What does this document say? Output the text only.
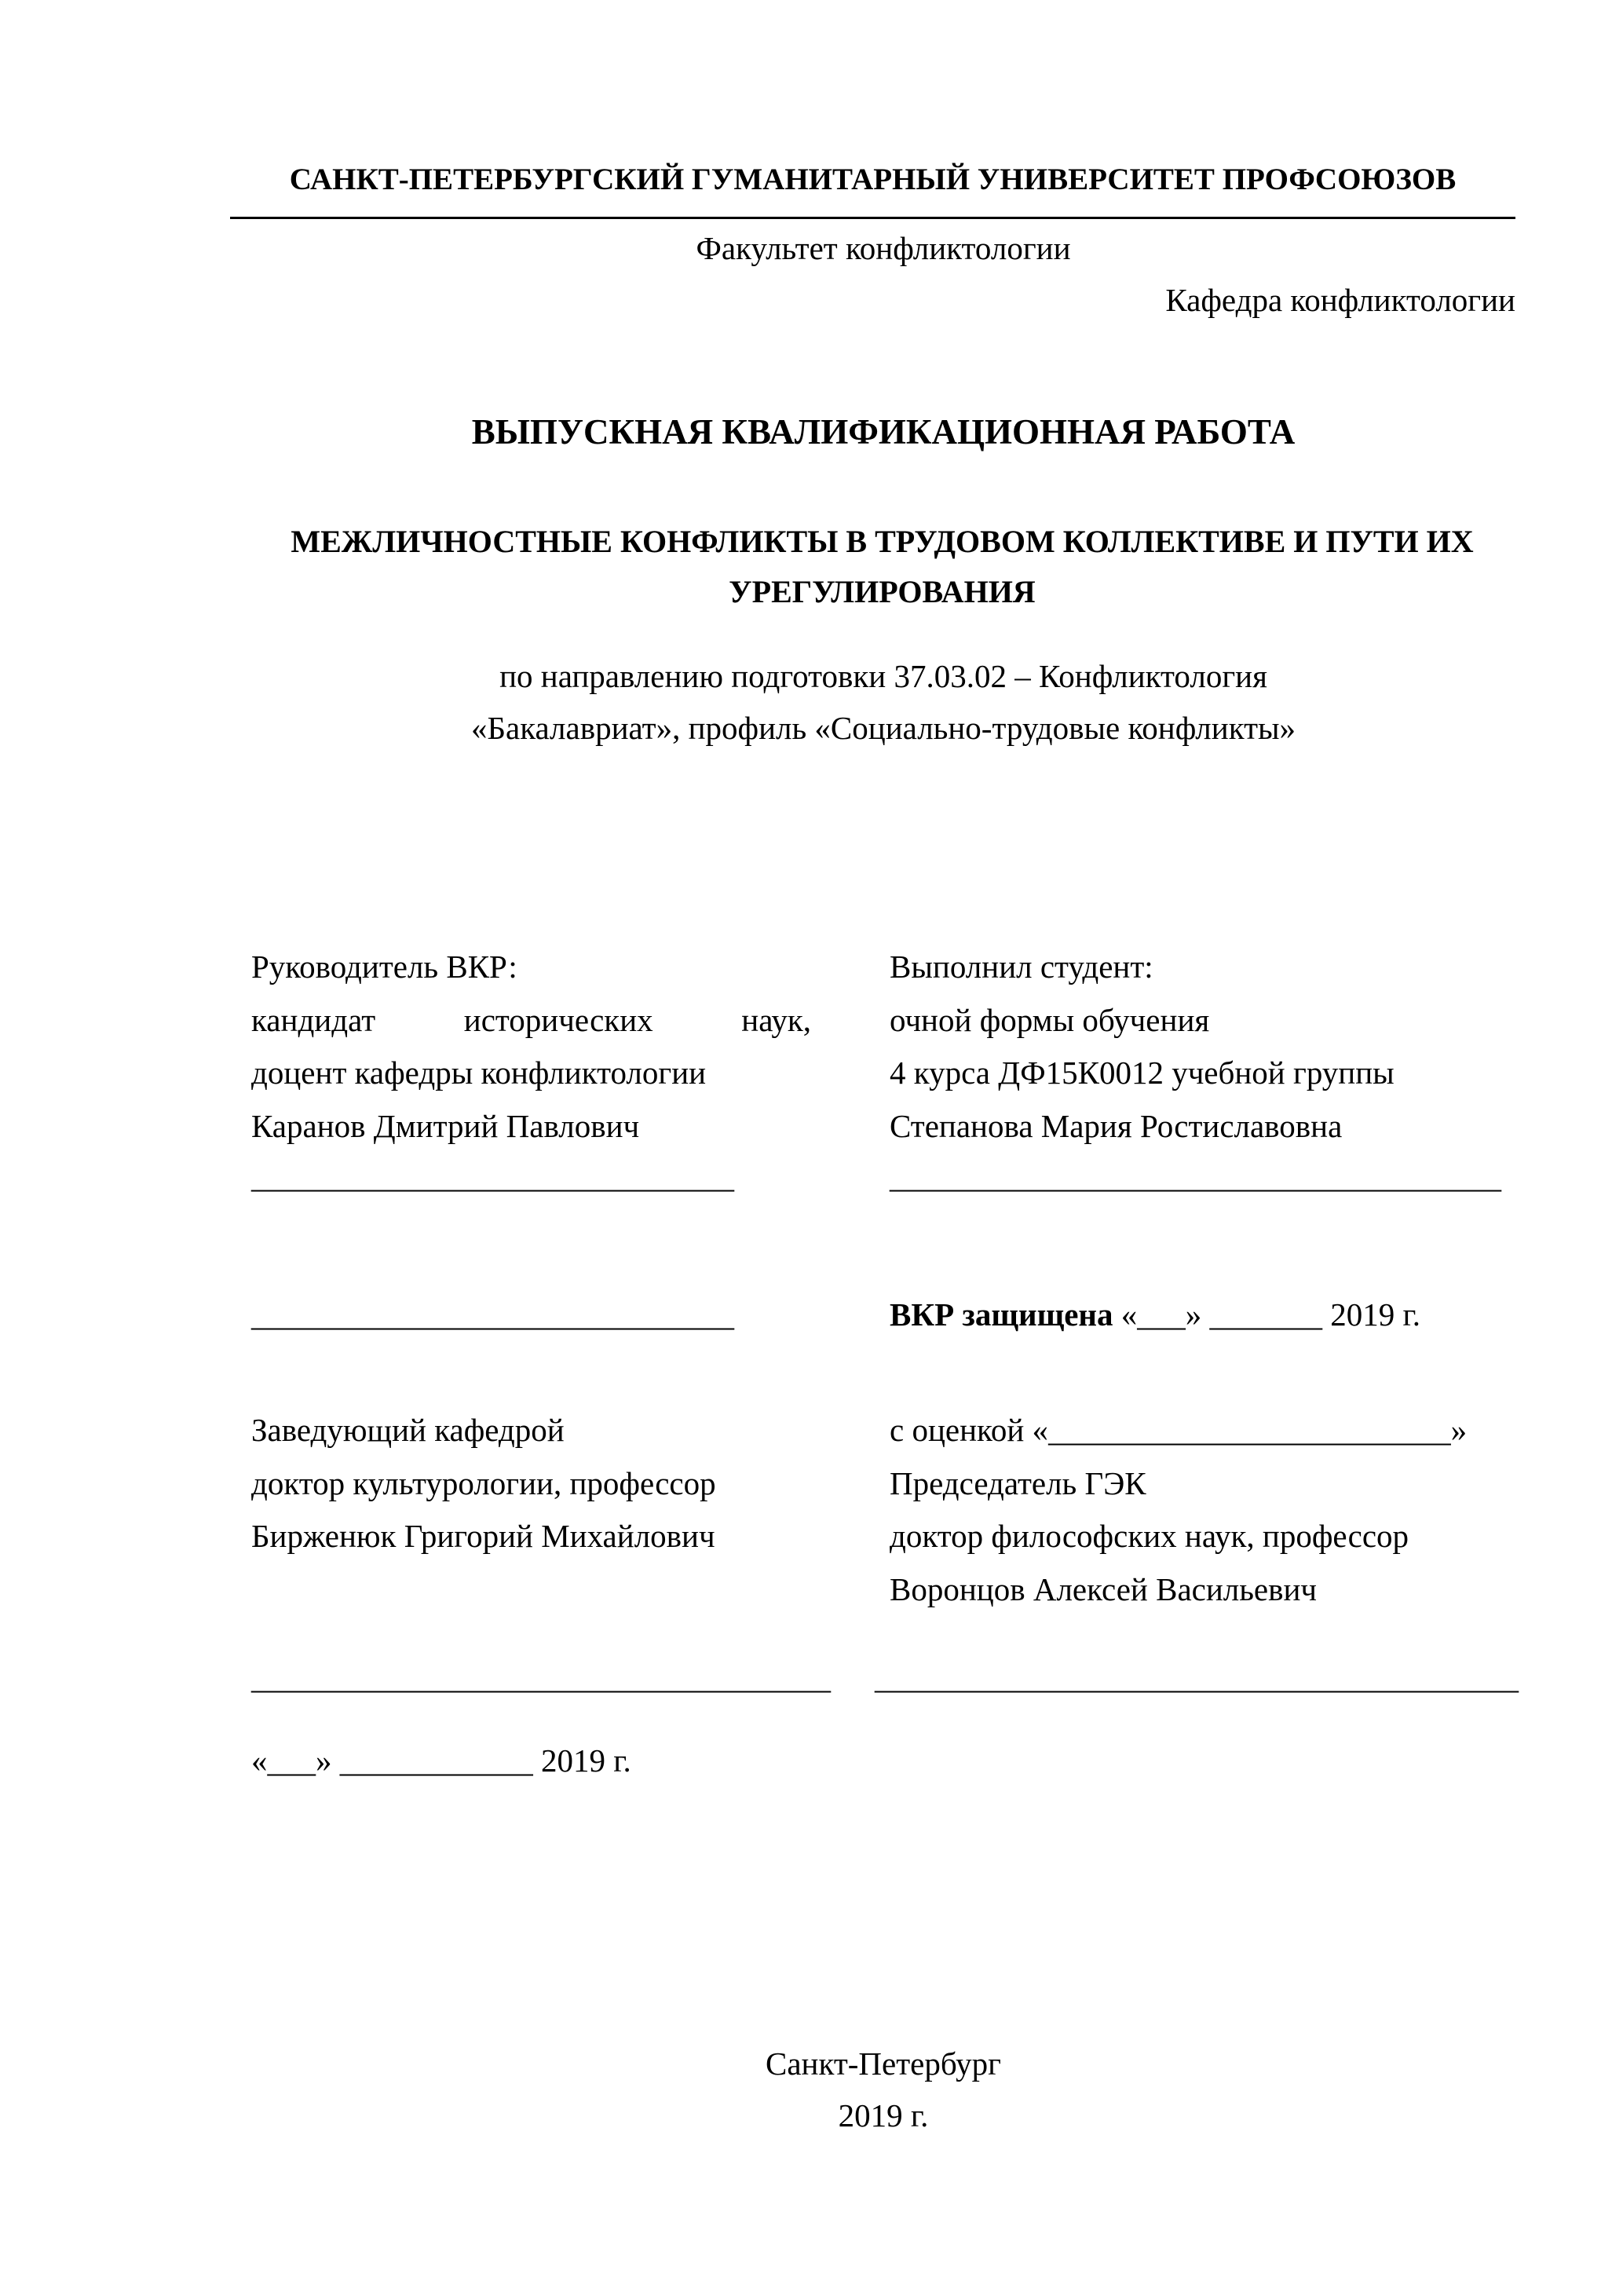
САНКТ-ПЕТЕРБУРГСКИЙ ГУМАНИТАРНЫЙ УНИВЕРСИТЕТ ПРОФСОЮЗОВ
Факультет конфликтологии
Кафедра конфликтологии
ВЫПУСКНАЯ КВАЛИФИКАЦИОННАЯ РАБОТА
МЕЖЛИЧНОСТНЫЕ КОНФЛИКТЫ В ТРУДОВОМ КОЛЛЕКТИВЕ И ПУТИ ИХ
УРЕГУЛИРОВАНИЯ
по направлению подготовки 37.03.02 – Конфликтология
«Бакалавриат», профиль «Социально-трудовые конфликты»
Руководитель ВКР:
кандидат исторических наук,
доцент кафедры конфликтологии
Каранов Дмитрий Павлович
Выполнил студент:
очной формы обучения
4 курса ДФ15К0012 учебной группы
Степанова Мария Ростиславовна
______________________________	______________________________________
______________________________	ВКР защищена «___» _______ 2019 г.
Заведующий кафедрой
доктор культурологии, профессор
Бирженюк Григорий Михайлович
с оценкой «_________________________»
Председатель ГЭК
доктор философских наук, профессор
Воронцов Алексей Васильевич
____________________________________ ________________________________________
«___» ____________ 2019 г.
Санкт-Петербург
2019 г.
